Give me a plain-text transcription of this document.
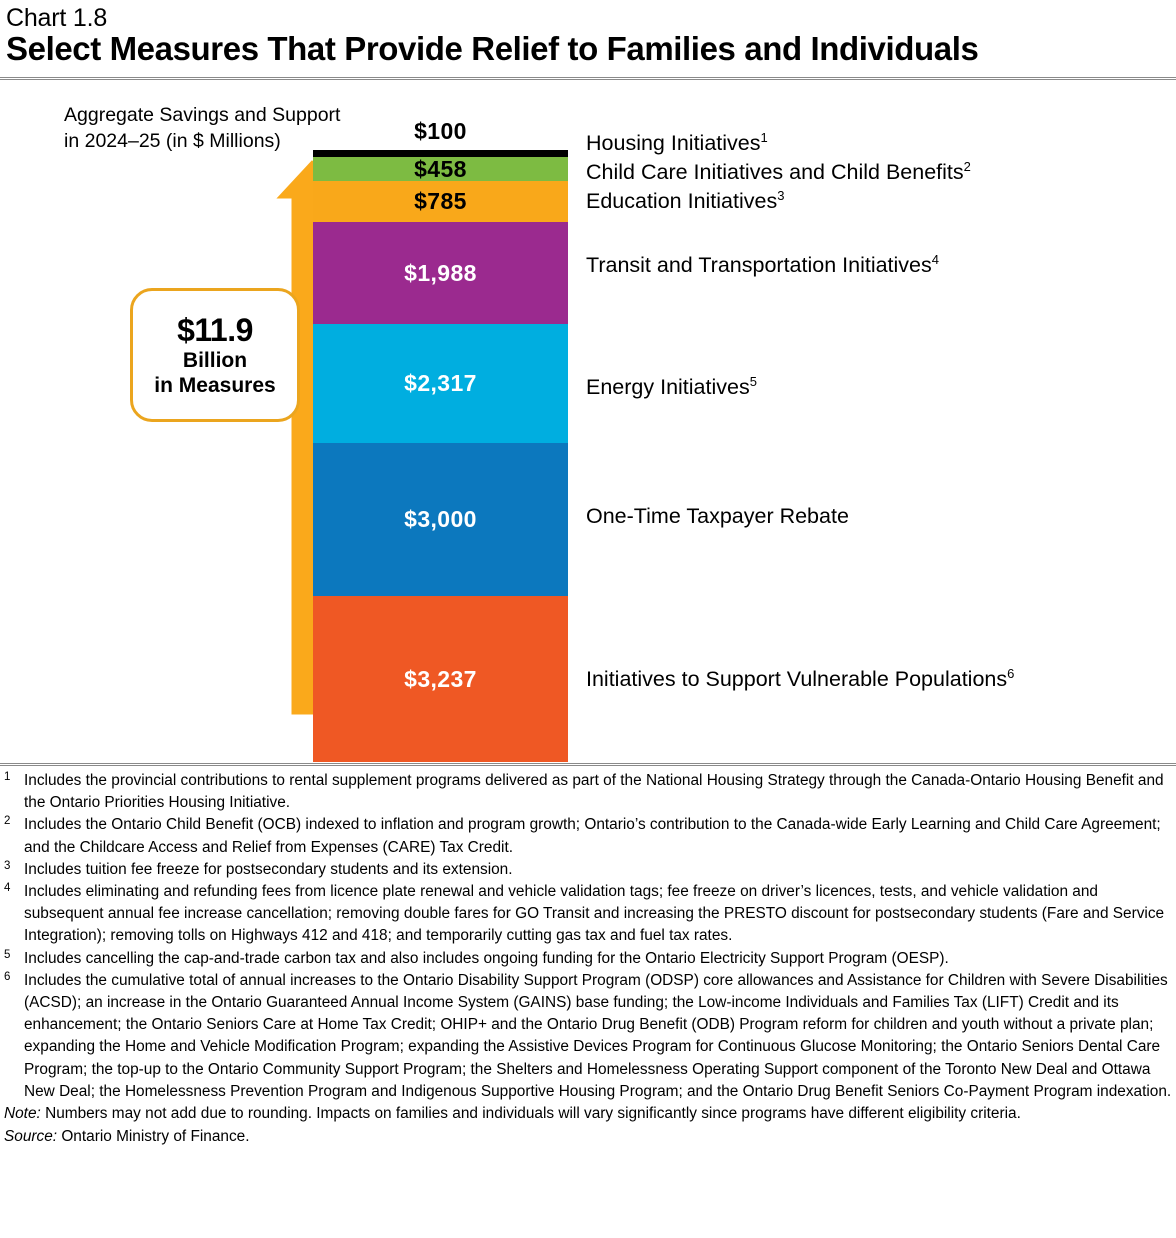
Chart 1.8
Select Measures That Provide Relief to Families and Individuals
Aggregate Savings and Support
in 2024–25 (in $ Millions)	$100
$458
$785
$1,988
$2,317
$3,000
$3,237
$11.9
Billion
in Measures
Housing Initiatives$^1$
Child Care Initiatives and Child Benefits$^2$
Education Initiatives$^3$
Transit and Transportation Initiatives$^4$
Energy Initiatives$^5$
One-Time Taxpayer Rebate
Initiatives to Support Vulnerable Populations$^6$
1 Includes the provincial contributions to rental supplement programs delivered as part of the National Housing Strategy through the Canada-Ontario Housing Benefit and the Ontario Priorities Housing Initiative.
2 Includes the Ontario Child Benefit (OCB) indexed to inflation and program growth; Ontario’s contribution to the Canada-wide Early Learning and Child Care Agreement; and the Childcare Access and Relief from Expenses (CARE) Tax Credit.
3 Includes tuition fee freeze for postsecondary students and its extension.
4 Includes eliminating and refunding fees from licence plate renewal and vehicle validation tags; fee freeze on driver’s licences, tests, and vehicle validation and subsequent annual fee increase cancellation; removing double fares for GO Transit and increasing the PRESTO discount for postsecondary students (Fare and Service Integration); removing tolls on Highways 412 and 418; and temporarily cutting gas tax and fuel tax rates.
5 Includes cancelling the cap-and-trade carbon tax and also includes ongoing funding for the Ontario Electricity Support Program (OESP).
6 Includes the cumulative total of annual increases to the Ontario Disability Support Program (ODSP) core allowances and Assistance for Children with Severe Disabilities (ACSD); an increase in the Ontario Guaranteed Annual Income System (GAINS) base funding; the Low-income Individuals and Families Tax (LIFT) Credit and its enhancement; the Ontario Seniors Care at Home Tax Credit; OHIP+ and the Ontario Drug Benefit (ODB) Program reform for children and youth without a private plan; expanding the Home and Vehicle Modification Program; expanding the Assistive Devices Program for Continuous Glucose Monitoring; the Ontario Seniors Dental Care Program; the top-up to the Ontario Community Support Program; the Shelters and Homelessness Operating Support component of the Toronto New Deal and Ottawa New Deal; the Homelessness Prevention Program and Indigenous Supportive Housing Program; and the Ontario Drug Benefit Seniors Co-Payment Program indexation.
Note: Numbers may not add due to rounding. Impacts on families and individuals will vary significantly since programs have different eligibility criteria.
Source: Ontario Ministry of Finance.
